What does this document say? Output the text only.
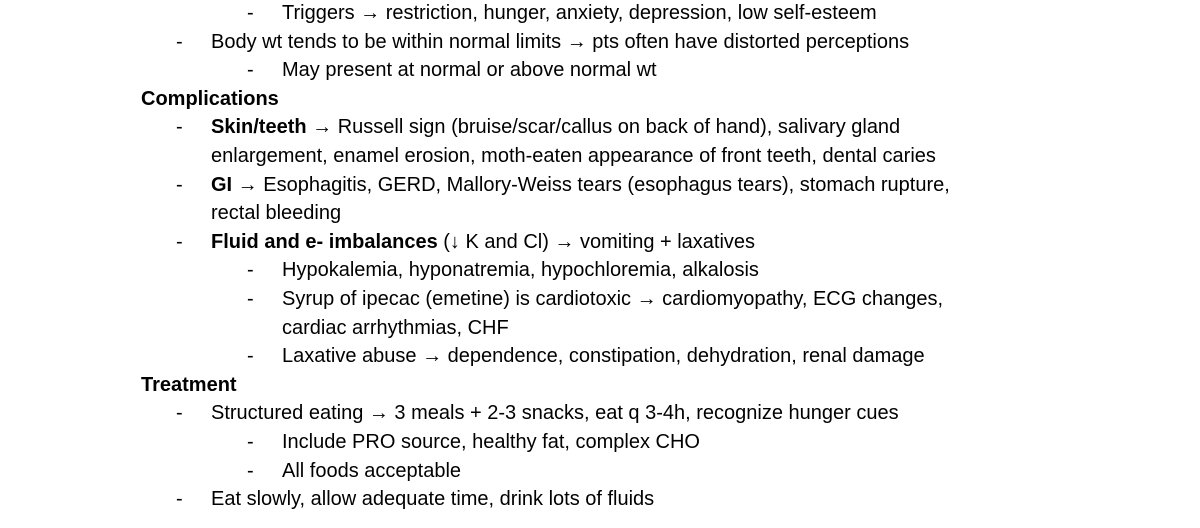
- Triggers → restriction, hunger, anxiety, depression, low self-esteem
- Body wt tends to be within normal limits → pts often have distorted perceptions
- May present at normal or above normal wt
Complications
- Skin/teeth → Russell sign (bruise/scar/callus on back of hand), salivary gland
enlargement, enamel erosion, moth-eaten appearance of front teeth, dental caries
- GI → Esophagitis, GERD, Mallory-Weiss tears (esophagus tears), stomach rupture,
rectal bleeding
- Fluid and e- imbalances (↓ K and Cl) → vomiting + laxatives
- Hypokalemia, hyponatremia, hypochloremia, alkalosis
- Syrup of ipecac (emetine) is cardiotoxic → cardiomyopathy, ECG changes,
cardiac arrhythmias, CHF
- Laxative abuse → dependence, constipation, dehydration, renal damage
Treatment
- Structured eating → 3 meals + 2-3 snacks, eat q 3-4h, recognize hunger cues
- Include PRO source, healthy fat, complex CHO
- All foods acceptable
- Eat slowly, allow adequate time, drink lots of fluids
